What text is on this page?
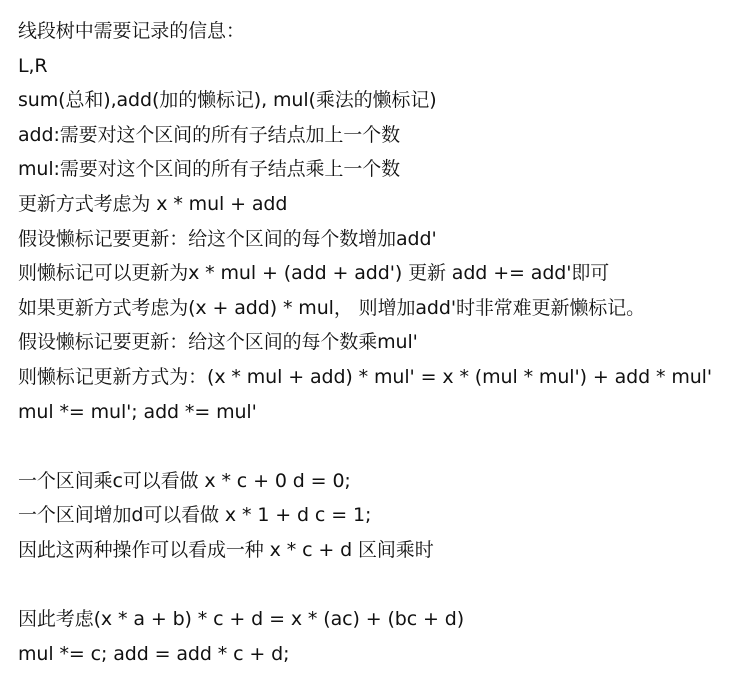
线段树中需要记录的信息：
L,R
sum(总和),add(加的懒标记), mul(乘法的懒标记)
add:需要对这个区间的所有子结点加上一个数
mul:需要对这个区间的所有子结点乘上一个数
更新方式考虑为 x * mul + add
假设懒标记要更新：给这个区间的每个数增加add'
则懒标记可以更新为x * mul + (add + add') 更新 add += add'即可
如果更新方式考虑为(x + add) * mul， 则增加add'时非常难更新懒标记。
假设懒标记要更新：给这个区间的每个数乘mul'
则懒标记更新方式为：(x * mul + add) * mul' = x * (mul * mul') + add * mul'
mul *= mul'; add *= mul'
一个区间乘c可以看做 x * c + 0 d = 0;
一个区间增加d可以看做 x * 1 + d c = 1;
因此这两种操作可以看成一种 x * c + d 区间乘时
因此考虑(x * a + b) * c + d = x * (ac) + (bc + d)
mul *= c; add = add * c + d;
